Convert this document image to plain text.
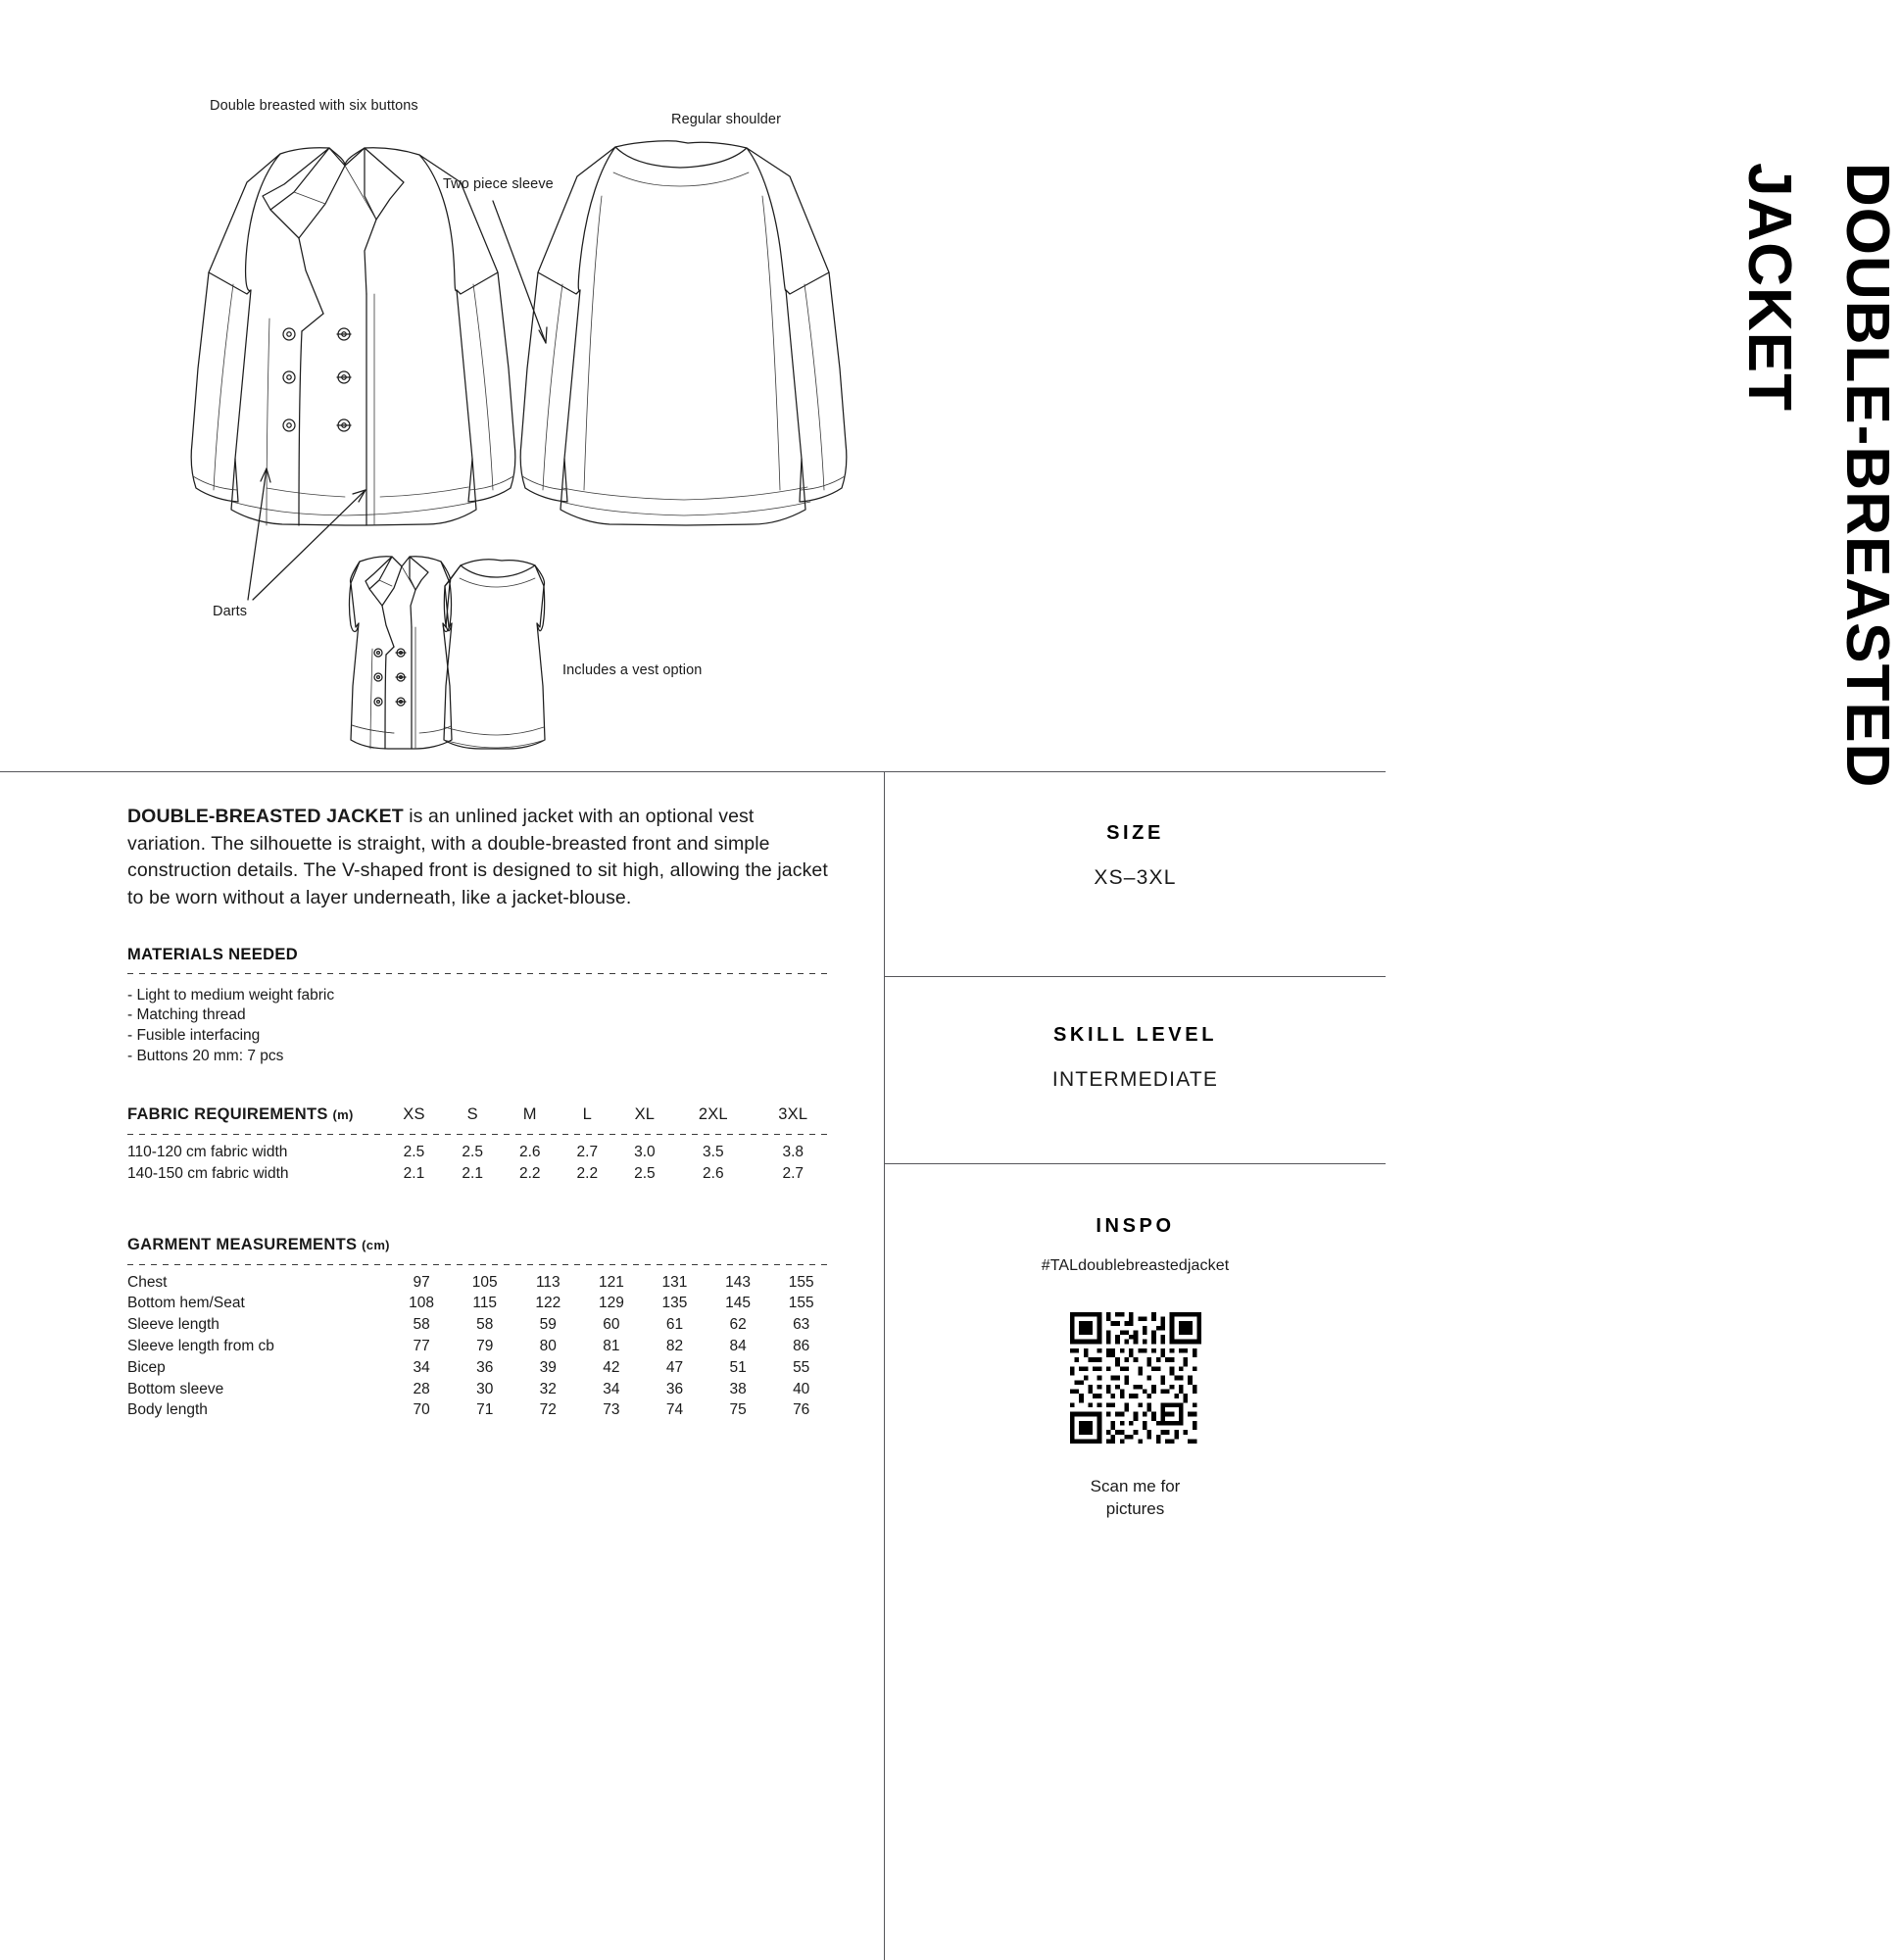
Double breasted with six buttons
Two piece sleeve
Regular shoulder
Darts
Includes a vest option	DOUBLE-BREASTED
JACKET

DOUBLE-BREASTED JACKET is an unlined jacket with an optional vest variation. The silhouette is straight, with a double-breasted front and simple construction details. The V-shaped front is designed to sit high, allowing the jacket to be worn without a layer underneath, like a jacket-blouse.

MATERIALS NEEDED
- Light to medium weight fabric
- Matching thread
- Fusible interfacing
- Buttons 20 mm: 7 pcs
FABRIC REQUIREMENTS (m)	XS	S	M	L	XL	2XL	3XL

110-120 cm fabric width	2.5	2.5	2.6	2.7	3.0	3.5	3.8
140-150 cm fabric width	2.1	2.1	2.2	2.2	2.5	2.6	2.7
GARMENT MEASUREMENTS (cm)							

Chest	97	105	113	121	131	143	155
Bottom hem/Seat	108	115	122	129	135	145	155
Sleeve length	58	58	59	60	61	62	63
Sleeve length from cb	77	79	80	81	82	84	86
Bicep	34	36	39	42	47	51	55
Bottom sleeve	28	30	32	34	36	38	40
Body length	70	71	72	73	74	75	76
SIZE
XS–3XL
SKILL LEVEL
INTERMEDIATE
INSPO
#TALdoublebreastedjacket
Scan me for
pictures
